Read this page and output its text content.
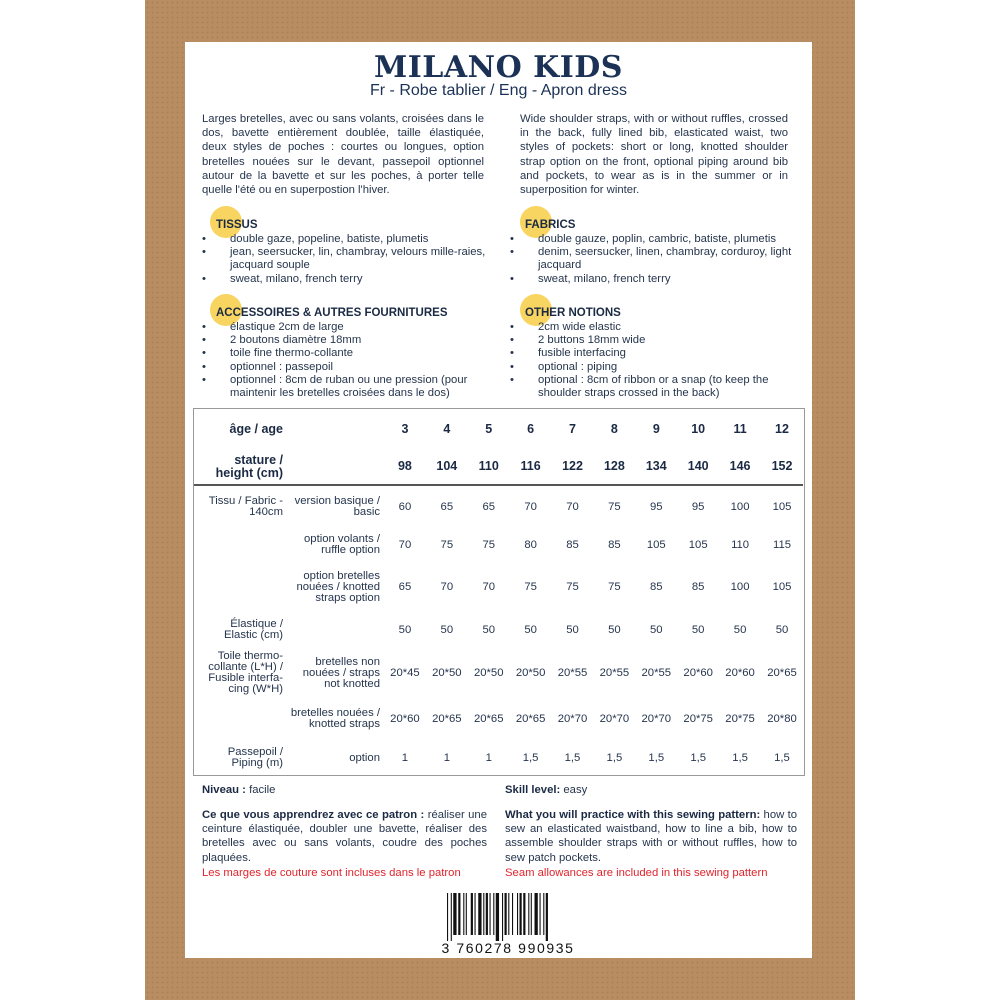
MILANO KIDS
Fr - Robe tablier / Eng - Apron dress
Larges bretelles, avec ou sans volants, croisées dans le dos, bavette entièrement doublée, taille élastiquée, deux styles de poches : courtes ou longues, option bretelles nouées sur le devant, passepoil optionnel autour de la bavette et sur les poches, à porter telle quelle l'été ou en superpostion l'hiver.
Wide shoulder straps, with or without ruffles, crossed in the back, fully lined bib, elasticated waist, two styles of pockets: short or long, knotted shoulder strap option on the front, optional piping around bib and pockets, to wear as is in the summer or in superposition for winter.
TISSUS
• double gaze, popeline, batiste, plumetis
• jean, seersucker, lin, chambray, velours mille-raies, jacquard souple
• sweat, milano, french terry
FABRICS
• double gauze, poplin, cambric, batiste, plumetis
• denim, seersucker, linen, chambray, corduroy, light jacquard
• sweat, milano, french terry
ACCESSOIRES & AUTRES FOURNITURES
• élastique 2cm de large
• 2 boutons diamètre 18mm
• toile fine thermo-collante
• optionnel : passepoil
• optionnel : 8cm de ruban ou une pression (pour maintenir les bretelles croisées dans le dos)
OTHER NOTIONS
• 2cm wide elastic
• 2 buttons 18mm wide
• fusible interfacing
• optional : piping
• optional : 8cm of ribbon or a snap (to keep the shoulder straps crossed in the back)
âge / age		3	4	5	6	7	8	9	10	11	12
stature / height (cm)		98	104	110	116	122	128	134	140	146	152
Tissu / Fabric - 140cm	version basique / basic	60	65	65	70	70	75	95	95	100	105
	option volants / ruffle option	70	75	75	80	85	85	105	105	110	115
	option bretelles nouées / knotted straps option	65	70	70	75	75	75	85	85	100	105
Élastique / Elastic (cm)		50	50	50	50	50	50	50	50	50	50
Toile thermo-collante (L*H) / Fusible interfa-cing (W*H)	bretelles non nouées / straps not knotted	20*45	20*50	20*50	20*50	20*55	20*55	20*55	20*60	20*60	20*65
	bretelles nouées / knotted straps	20*60	20*65	20*65	20*65	20*70	20*70	20*70	20*75	20*75	20*80
Passepoil / Piping (m)	option	1	1	1	1,5	1,5	1,5	1,5	1,5	1,5	1,5
Niveau : facile	Skill level: easy
Ce que vous apprendrez avec ce patron : réaliser une ceinture élastiquée, doubler une bavette, réaliser des bretelles avec ou sans volants, coudre des poches plaquées.
What you will practice with this sewing pattern: how to sew an elasticated waistband, how to line a bib, how to assemble shoulder straps with or without ruffles, how to sew patch pockets.
Les marges de couture sont incluses dans le patron	Seam allowances are included in this sewing pattern
3 760278 990935
